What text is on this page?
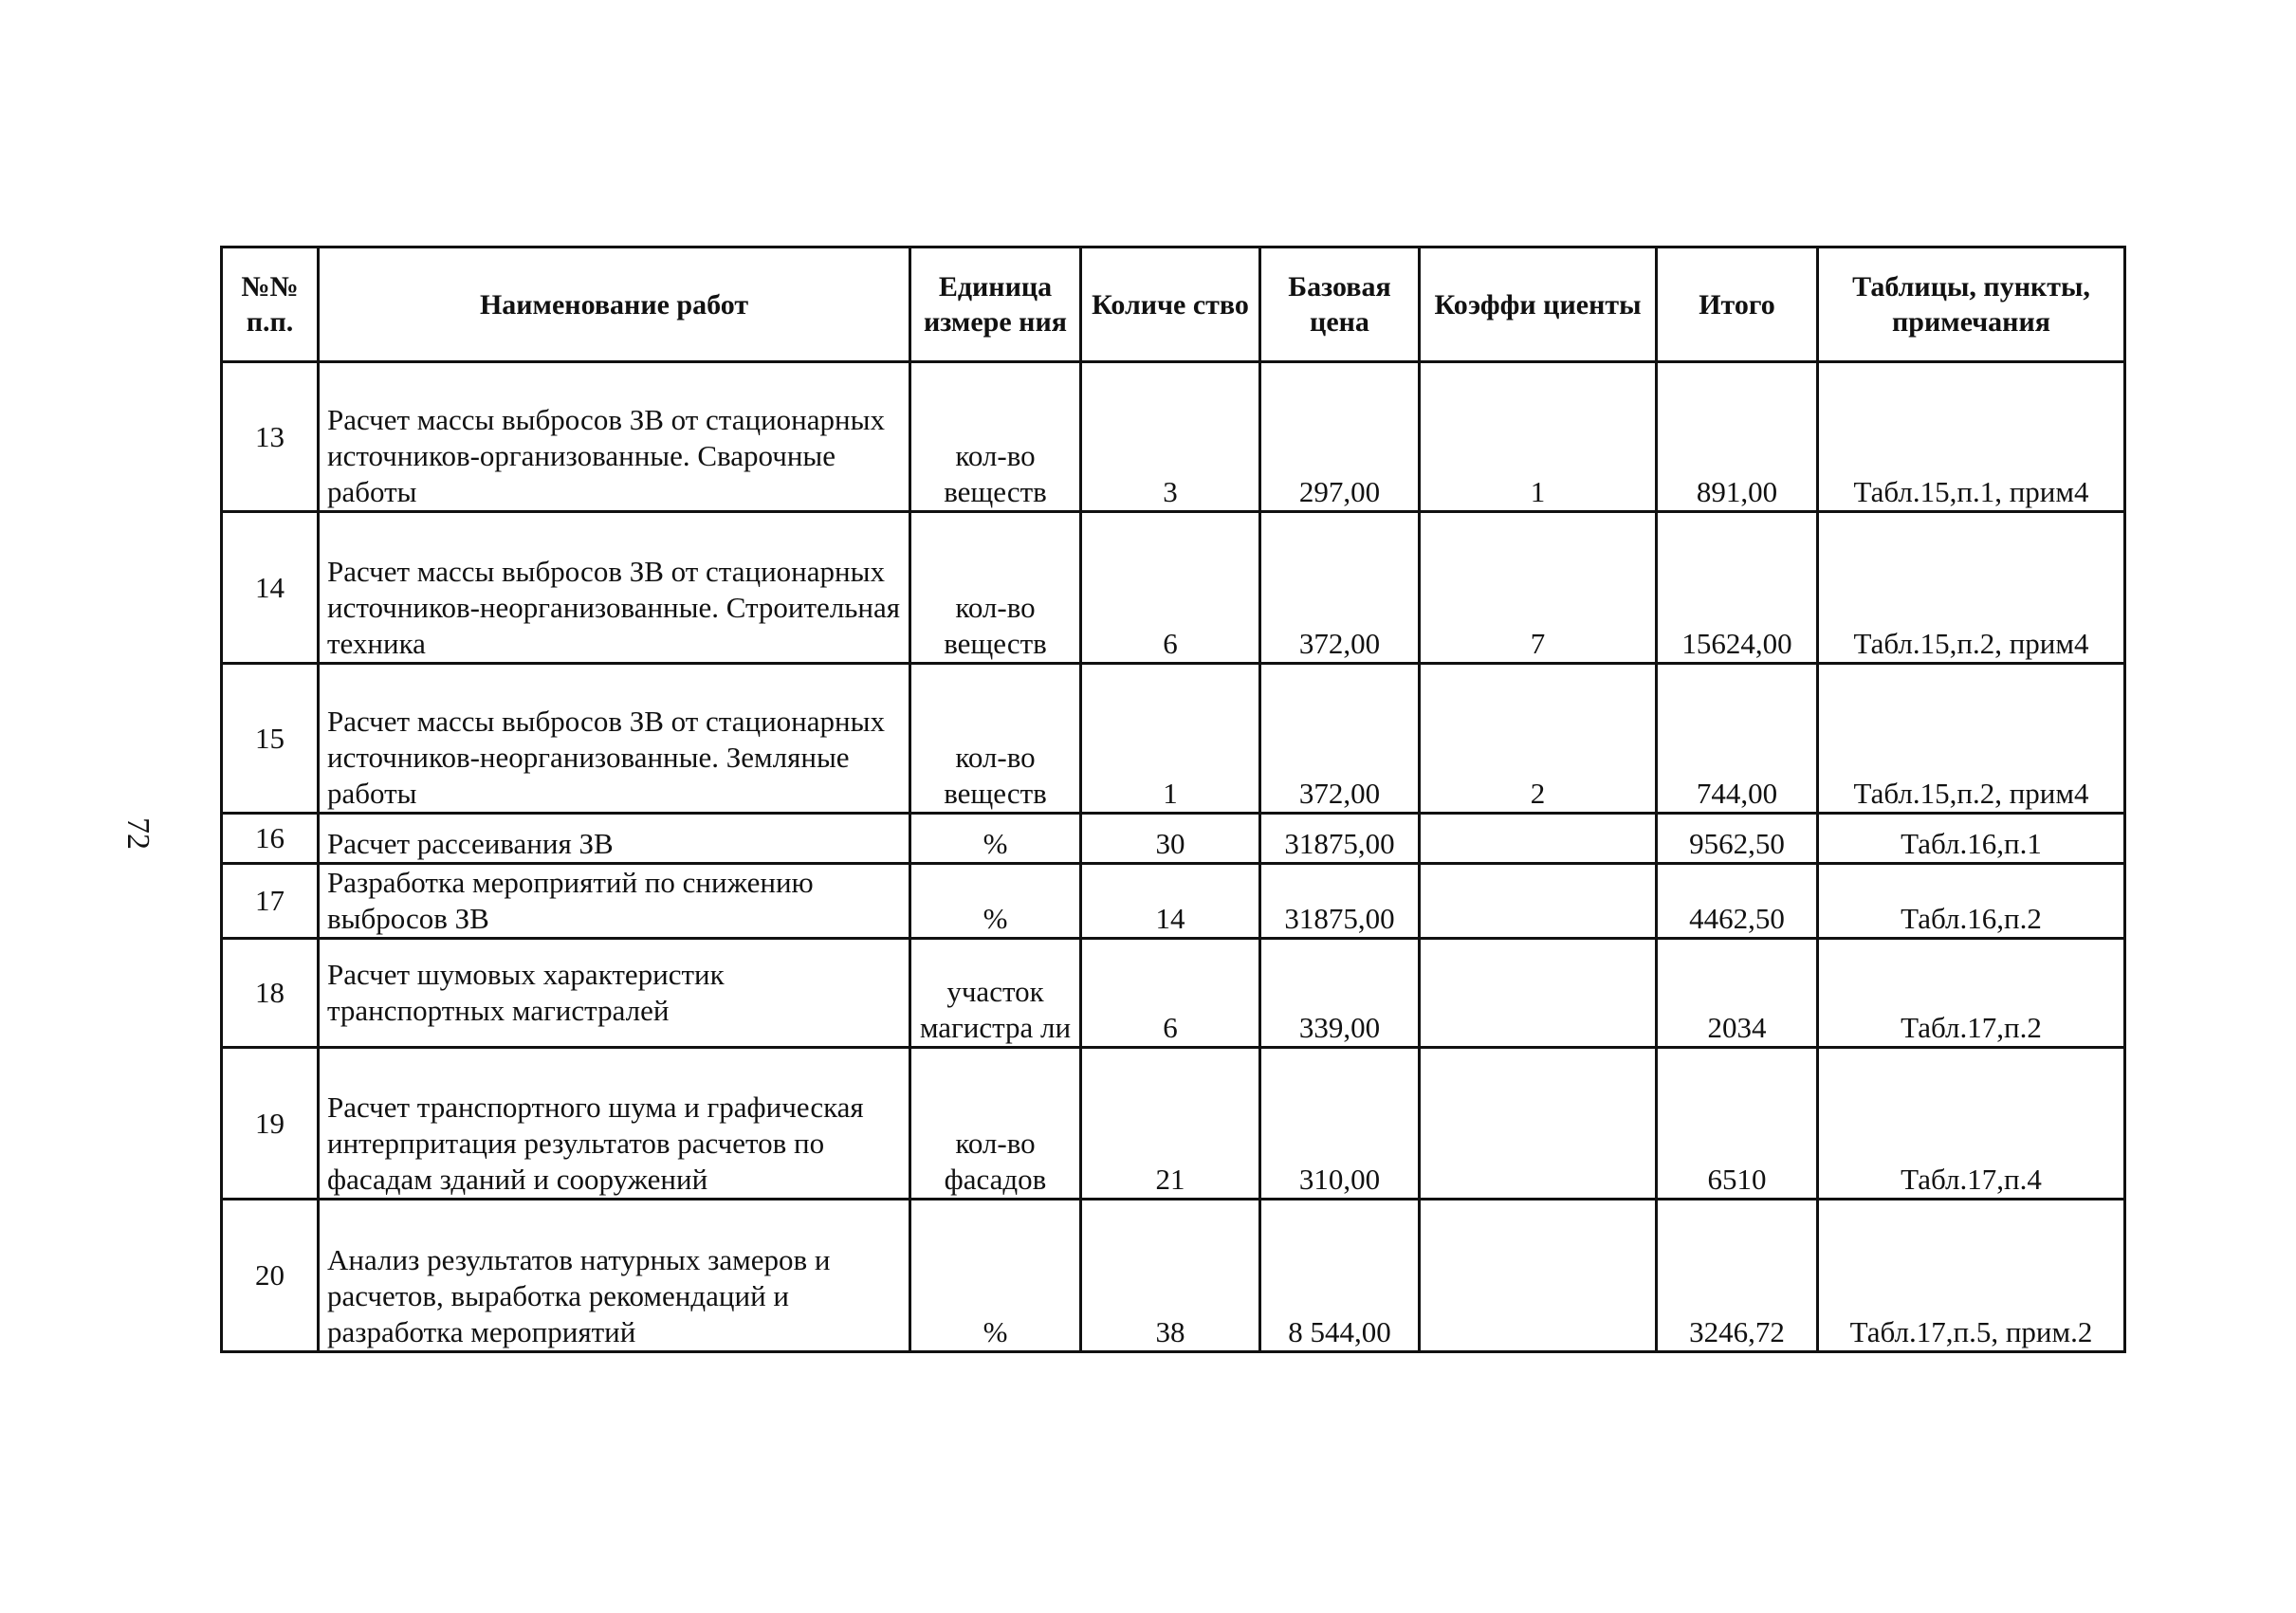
72
№№ п.п.	Наименование работ	Единица измере ния	Количе ство	Базовая цена	Коэффи циенты	Итого	Таблицы, пункты, примечания
13	Расчет массы выбросов ЗВ от стационарных источников-организованные. Сварочные работы	кол-во веществ	3	297,00	1	891,00	Табл.15,п.1, прим4
14	Расчет массы выбросов ЗВ от стационарных источников-неорганизованные. Строительная техника	кол-во веществ	6	372,00	7	15624,00	Табл.15,п.2, прим4
15	Расчет массы выбросов ЗВ от стационарных источников-неорганизованные. Земляные работы	кол-во веществ	1	372,00	2	744,00	Табл.15,п.2, прим4
16	Расчет рассеивания ЗВ	%	30	31875,00		9562,50	Табл.16,п.1
17	Разработка мероприятий по снижению выбросов ЗВ	%	14	31875,00		4462,50	Табл.16,п.2
18	Расчет шумовых характеристик транспортных магистралей	участок магистра ли	6	339,00		2034	Табл.17,п.2
19	Расчет транспортного шума и графическая интерпритация результатов расчетов по фасадам зданий и сооружений	кол-во фасадов	21	310,00		6510	Табл.17,п.4
20	Анализ результатов натурных замеров и расчетов, выработка рекомендаций и разработка мероприятий	%	38	8 544,00		3246,72	Табл.17,п.5, прим.2
